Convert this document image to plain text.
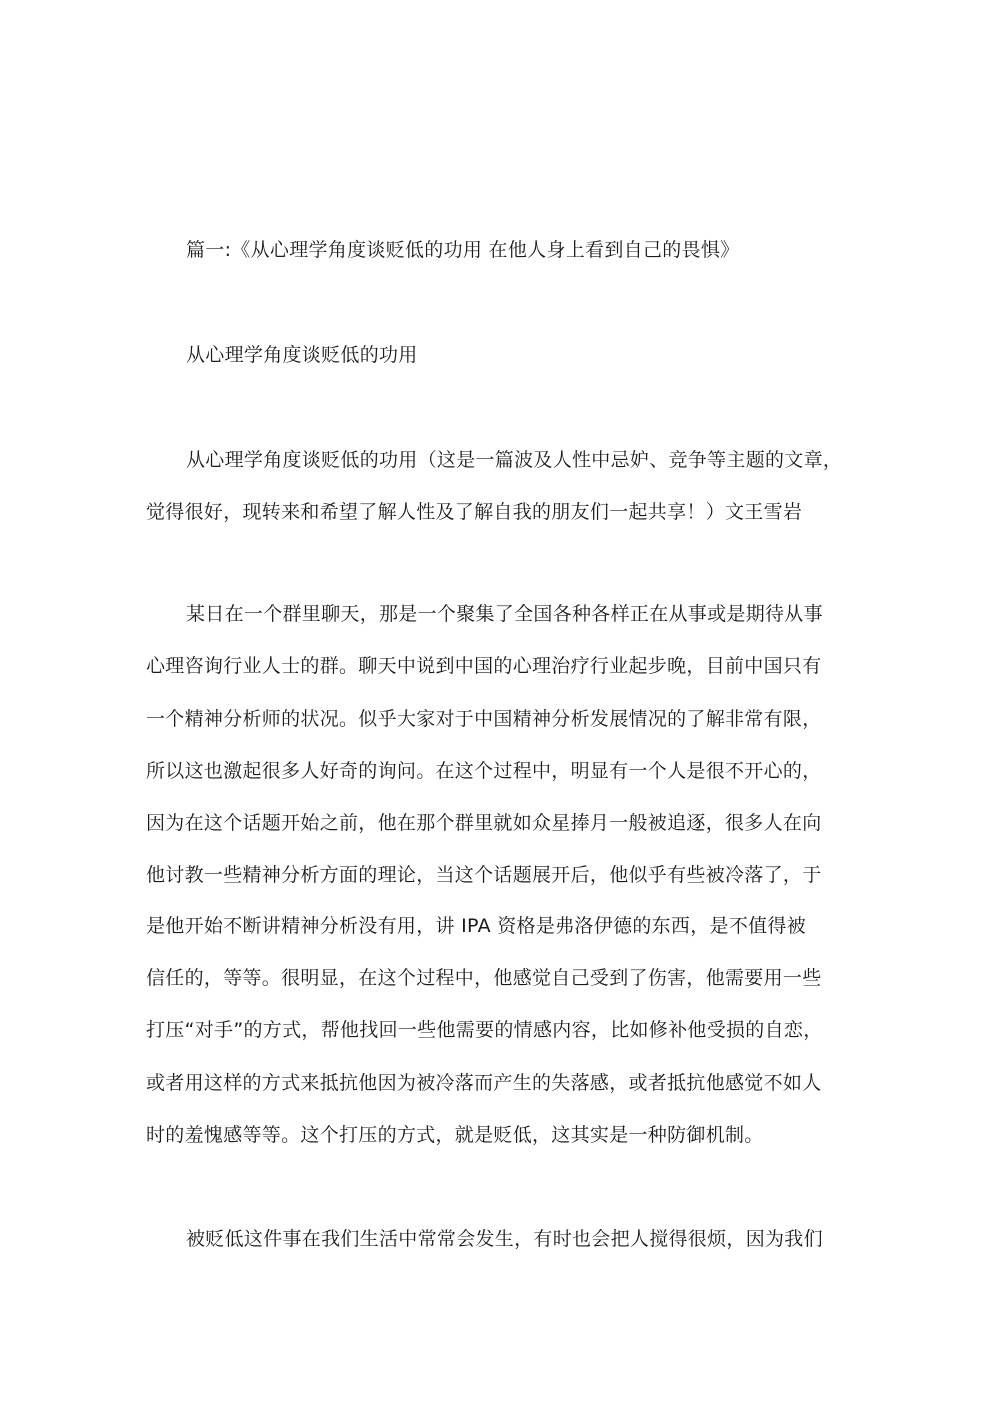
篇一:《从心理学角度谈贬低的功用 在他人身上看到自己的畏惧》
从心理学角度谈贬低的功用
从心理学角度谈贬低的功用（这是一篇波及人性中忌妒、竞争等主题的文章，
觉得很好，现转来和希望了解人性及了解自我的朋友们一起共享！）文王雪岩
某日在一个群里聊天，那是一个聚集了全国各种各样正在从事或是期待从事
心理咨询行业人士的群。聊天中说到中国的心理治疗行业起步晚，目前中国只有
一个精神分析师的状况。似乎大家对于中国精神分析发展情况的了解非常有限，
所以这也激起很多人好奇的询问。在这个过程中，明显有一个人是很不开心的，
因为在这个话题开始之前，他在那个群里就如众星捧月一般被追逐，很多人在向
他讨教一些精神分析方面的理论，当这个话题展开后，他似乎有些被冷落了，于
是他开始不断讲精神分析没有用，讲 IPA 资格是弗洛伊德的东西，是不值得被
信任的，等等。很明显，在这个过程中，他感觉自己受到了伤害，他需要用一些
打压“对手”的方式，帮他找回一些他需要的情感内容，比如修补他受损的自恋，
或者用这样的方式来抵抗他因为被冷落而产生的失落感，或者抵抗他感觉不如人
时的羞愧感等等。这个打压的方式，就是贬低，这其实是一种防御机制。
被贬低这件事在我们生活中常常会发生，有时也会把人搅得很烦，因为我们
